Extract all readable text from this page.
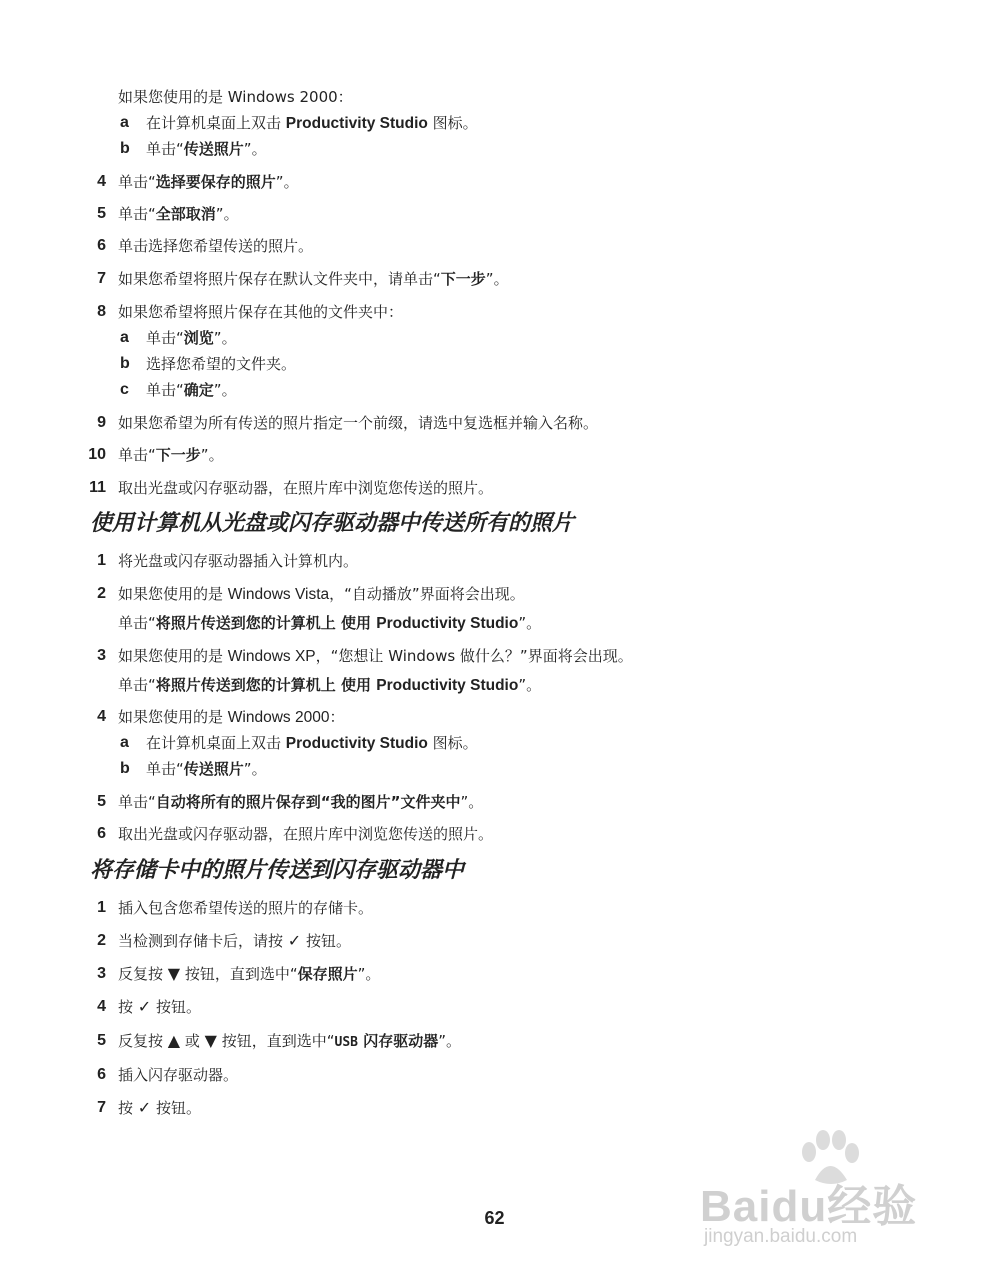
如果您使用的是 Windows 2000：
a 在计算机桌面上双击 Productivity Studio 图标。
b 单击“传送照片”。
4 单击“选择要保存的照片”。
5 单击“全部取消”。
6 单击选择您希望传送的照片。
7 如果您希望将照片保存在默认文件夹中，请单击“下一步”。
8 如果您希望将照片保存在其他的文件夹中：
a 单击“浏览”。
b 选择您希望的文件夹。
c 单击“确定”。
9 如果您希望为所有传送的照片指定一个前缀，请选中复选框并输入名称。
10 单击“下一步”。
11 取出光盘或闪存驱动器，在照片库中浏览您传送的照片。
使用计算机从光盘或闪存驱动器中传送所有的照片
1 将光盘或闪存驱动器插入计算机内。
2 如果您使用的是 Windows Vista，“自动播放”界面将会出现。
单击“将照片传送到您的计算机上 使用 Productivity Studio”。
3 如果您使用的是 Windows XP，“您想让 Windows 做什么？”界面将会出现。
单击“将照片传送到您的计算机上 使用 Productivity Studio”。
4 如果您使用的是 Windows 2000：
a 在计算机桌面上双击 Productivity Studio 图标。
b 单击“传送照片”。
5 单击“自动将所有的照片保存到“我的图片”文件夹中”。
6 取出光盘或闪存驱动器，在照片库中浏览您传送的照片。
将存储卡中的照片传送到闪存驱动器中
1 插入包含您希望传送的照片的存储卡。
2 当检测到存储卡后，请按 ✓ 按钮。
3 反复按 ▼ 按钮，直到选中“保存照片”。
4 按 ✓ 按钮。
5 反复按 ▲ 或 ▼ 按钮，直到选中“USB 闪存驱动器”。
6 插入闪存驱动器。
7 按 ✓ 按钮。
Baidu经验
jingyan.baidu.com
62
